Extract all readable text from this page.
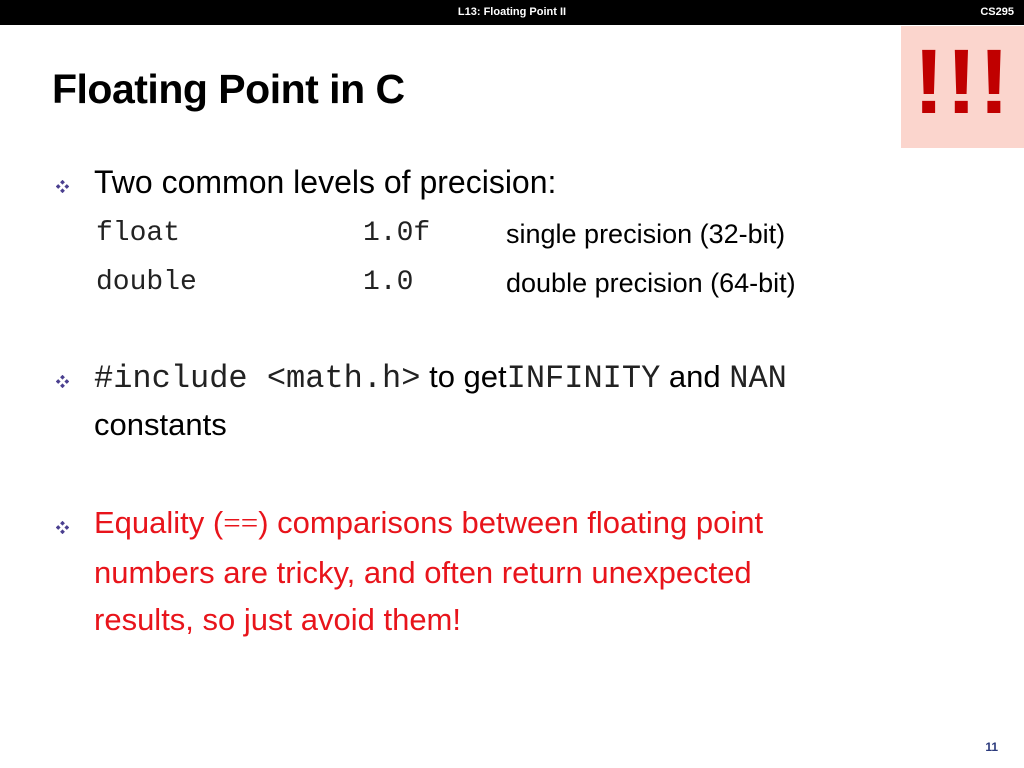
L13: Floating Point II	CS295
!!!
Floating Point in C
Two common levels of precision:
float	1.0f	single precision (32-bit)
double	1.0	double precision (64-bit)
#include <math.h> to getINFINITY and NAN
constants
Equality (==) comparisons between floating point
numbers are tricky, and often return unexpected
results, so just avoid them!
11
